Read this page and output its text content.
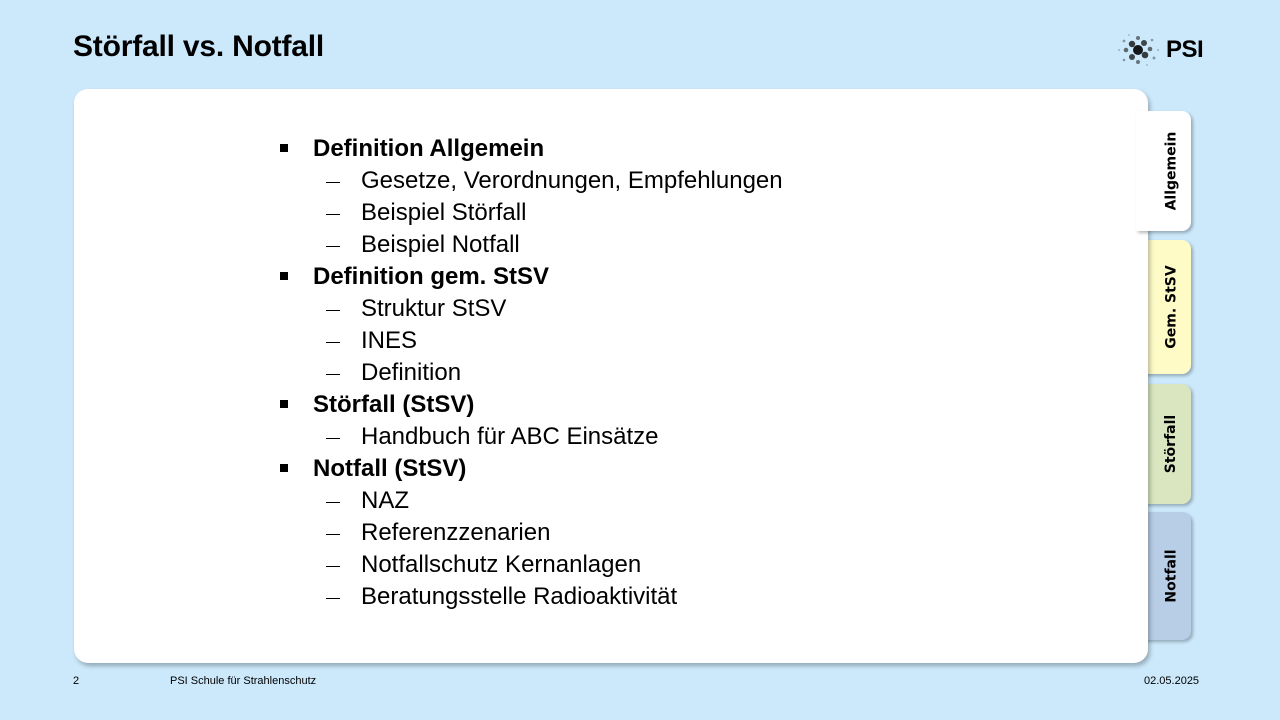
Störfall vs. Notfall	PSI
Definition Allgemein
Gesetze, Verordnungen, Empfehlungen
Beispiel Störfall
Beispiel Notfall
Definition gem. StSV
Struktur StSV
INES
Definition
Störfall (StSV)
Handbuch für ABC Einsätze
Notfall (StSV)
NAZ
Referenzzenarien
Notfallschutz Kernanlagen
Beratungsstelle Radioaktivität
Allgemein
Gem. StSV
Störfall
Notfall
2	PSI Schule für Strahlenschutz	02.05.2025
